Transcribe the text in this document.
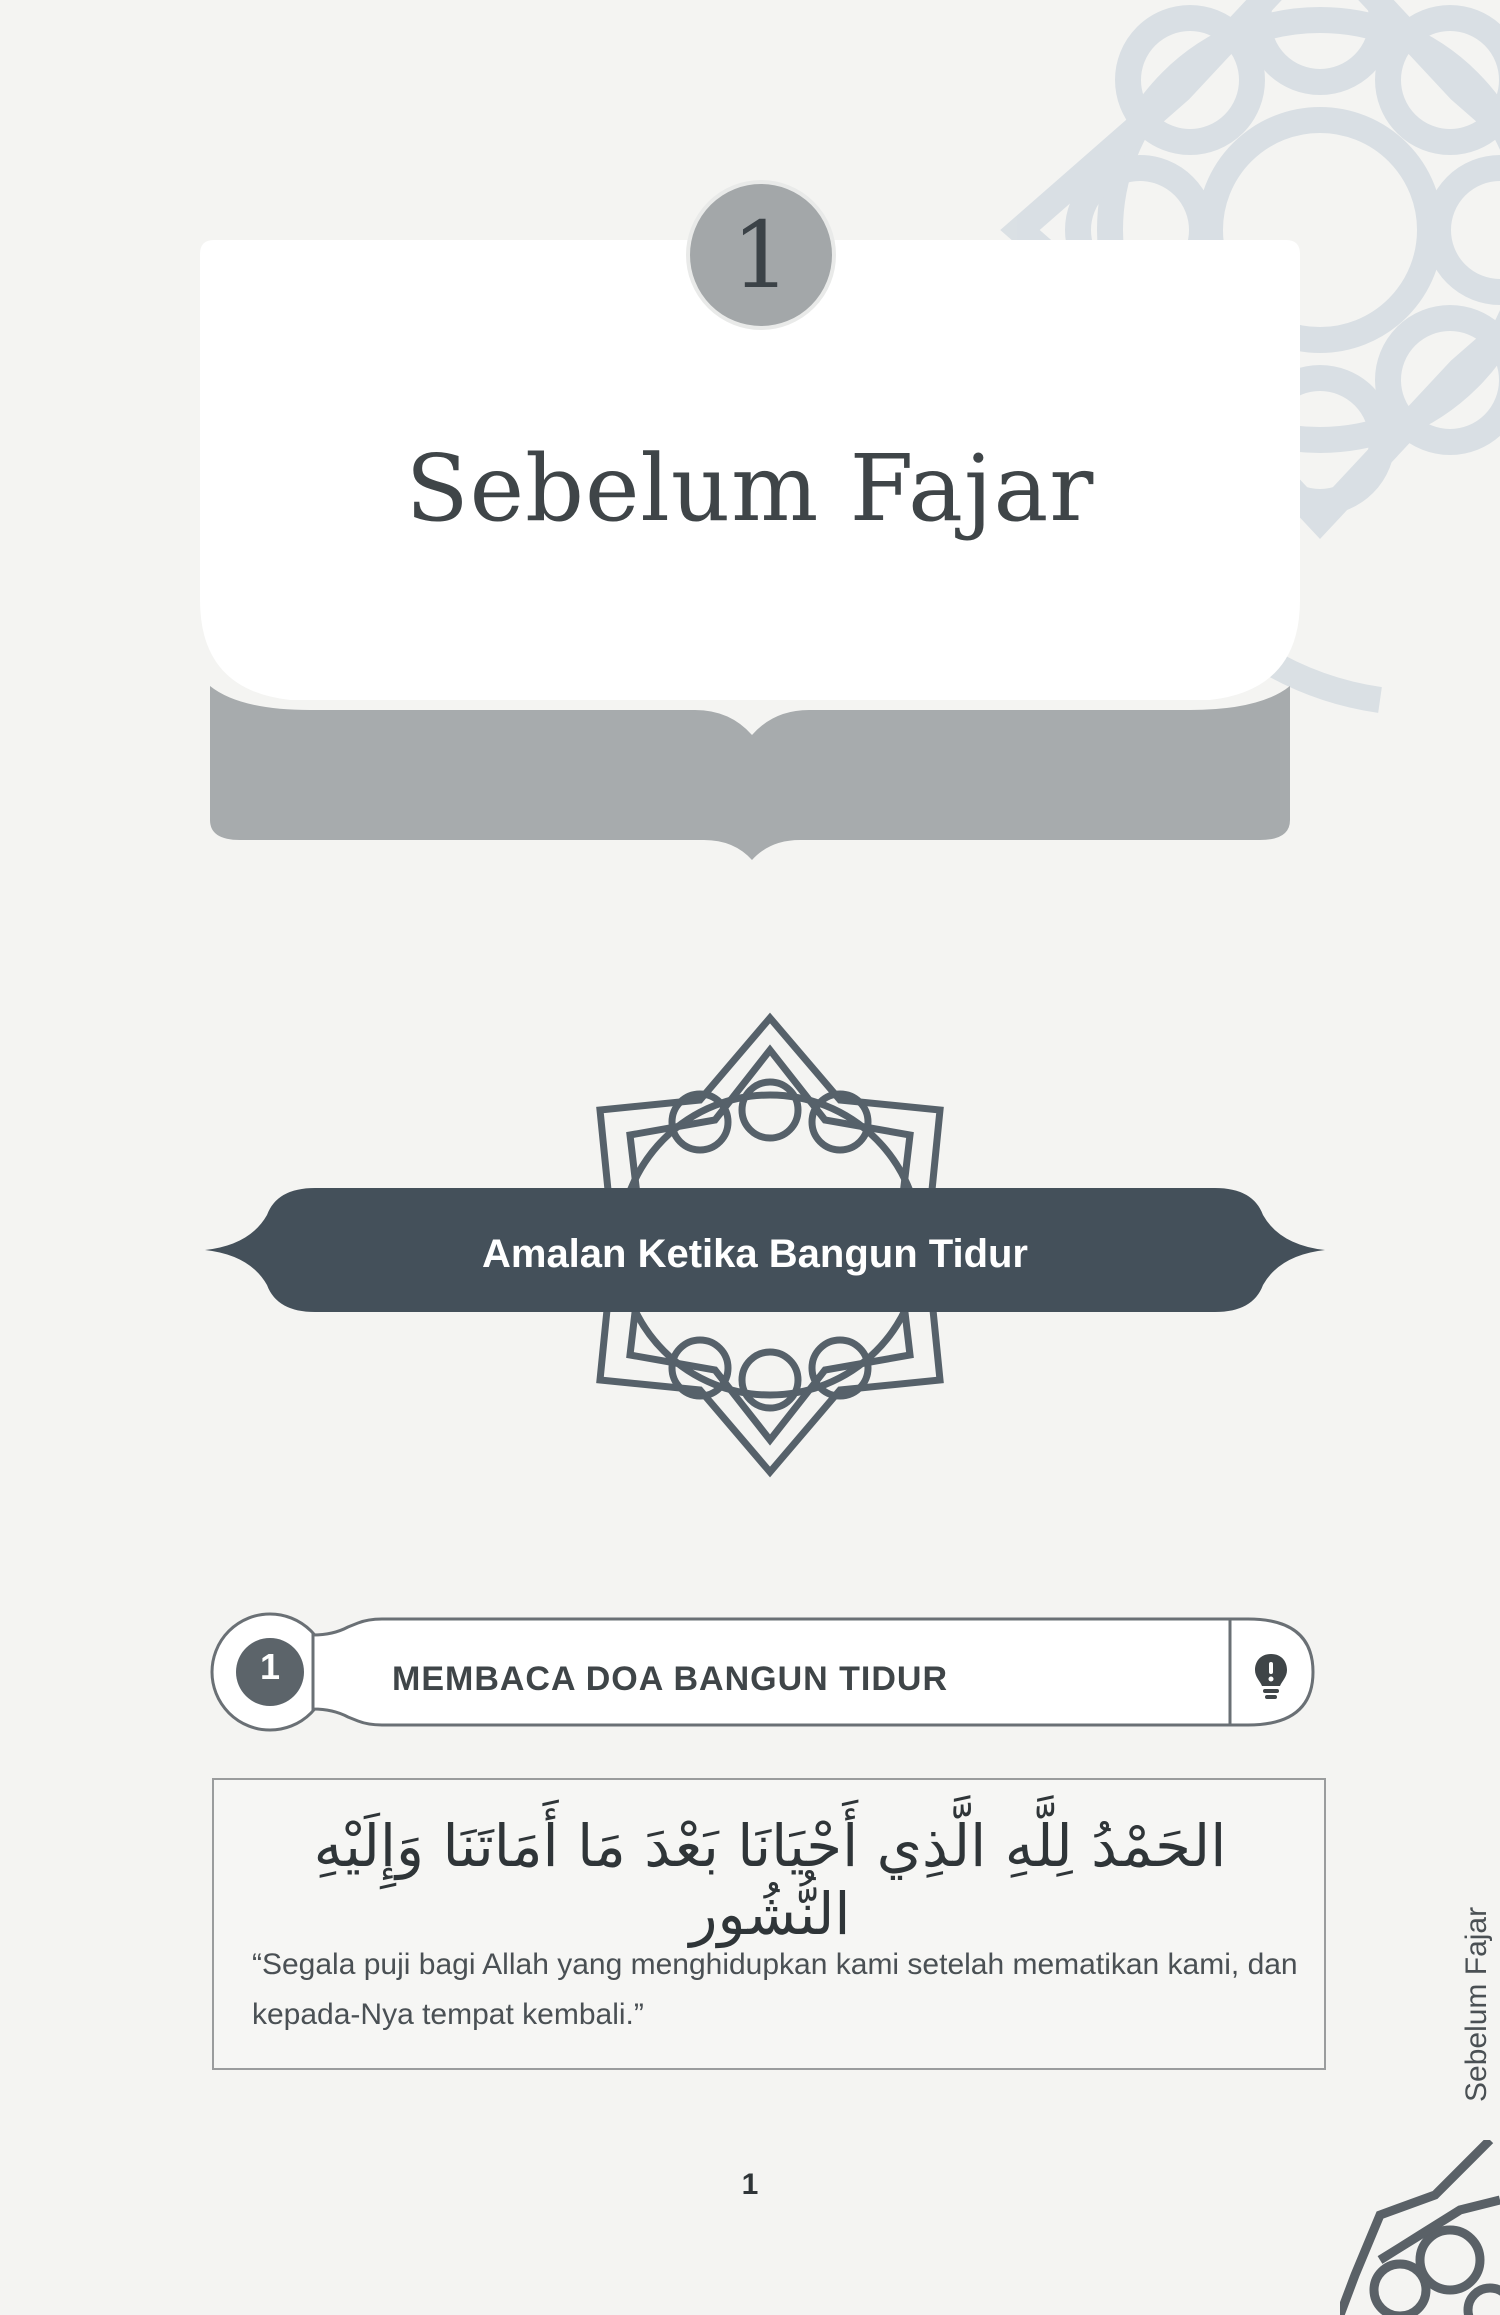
1
Sebelum Fajar
Amalan Ketika Bangun Tidur
1	MEMBACA DOA BANGUN TIDUR
الحَمْدُ لِلَّهِ الَّذِي أَحْيَانَا بَعْدَ مَا أَمَاتَنَا وَإِلَيْهِ النُّشُور
“Segala puji bagi Allah yang menghidupkan kami setelah mematikan kami, dan kepada-Nya tempat kembali.”	Sebelum Fajar
1
